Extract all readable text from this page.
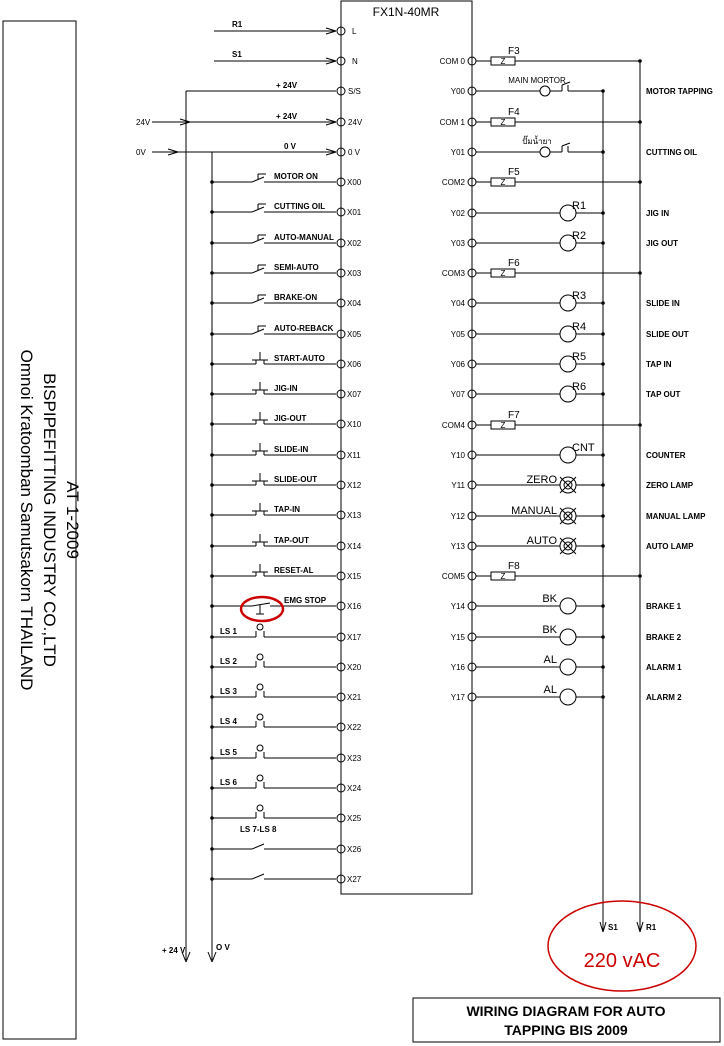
AT 1-2009
BISPIPEFITTING INDUSTRY CO.,LTD
Omnoi Kratoomban Samutsakorn THAILAND
FX1N-40MR
R1
S1
+ 24V
+ 24V
0 V
24V
0V
L
N
S/S
24V
0 V
X00
MOTOR ON
X01
CUTTING OIL
X02
AUTO-MANUAL
X03
SEMI-AUTO
X04
BRAKE-ON
X05
AUTO-REBACK
X06
START-AUTO
X07
JIG-IN
X10
JIG-OUT
X11
SLIDE-IN
X12
SLIDE-OUT
X13
TAP-IN
X14
TAP-OUT
X15
RESET-AL
X16
EMG STOP
X17
LS 1
X20
LS 2
X21
LS 3
X22
LS 4
X23
LS 5
X24
LS 6
X25
LS 7-LS 8
X26
X27
COM 0	Z
F3
Y00
MAIN MORTOR
MOTOR TAPPING
COM 1	Z
F4
Y01
ปั๊มน้ำยา
CUTTING OIL
COM2	Z
F5
Y02
R1
JIG IN
Y03
R2
JIG OUT
COM3	Z
F6
Y04
R3
SLIDE IN
Y05
R4
SLIDE OUT
Y06
R5
TAP IN
Y07
R6
TAP OUT
COM4	Z
F7
Y10
CNT
COUNTER
Y11	ZERO	ZERO LAMP
Y12	MANUAL	MANUAL LAMP
Y13	AUTO	AUTO LAMP
COM5	Z
F8
Y14
BK
BRAKE 1
Y15
BK
BRAKE 2
Y16
AL
ALARM 1
Y17
AL
ALARM 2
+ 24 V	O V
S1	R1
220 vAC
WIRING DIAGRAM FOR AUTO
TAPPING BIS 2009
